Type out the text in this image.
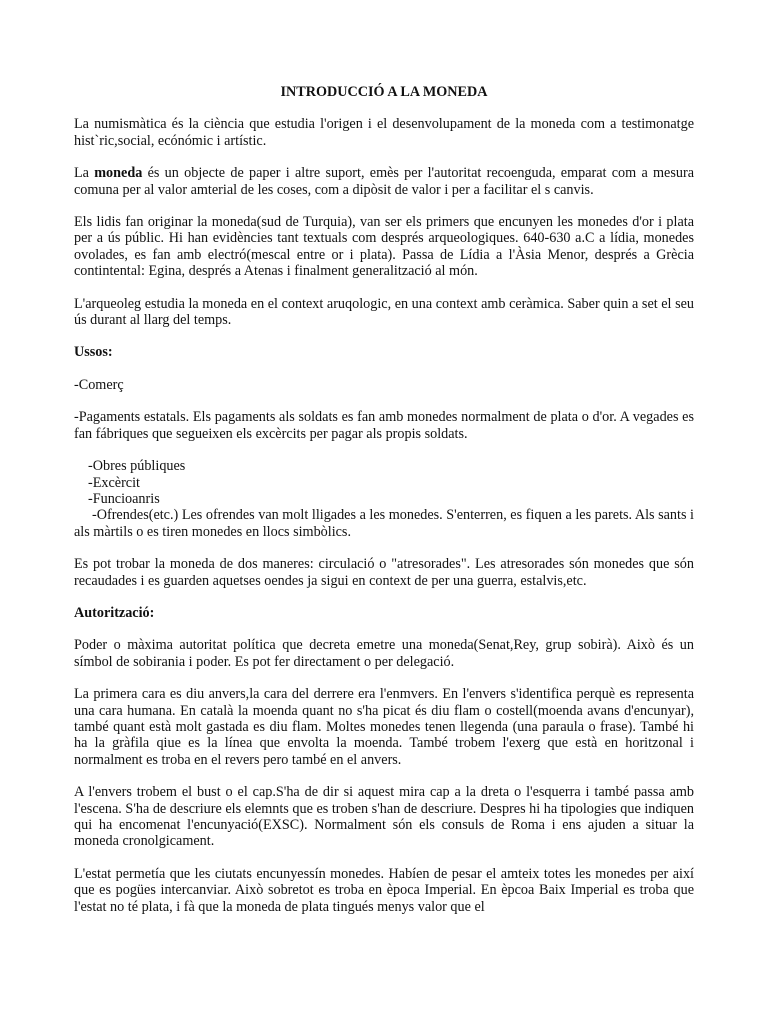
INTRODUCCIÓ A LA MONEDA
La numismàtica és la ciència que estudia l'origen i el desenvolupament de la moneda com a testimonatge hist`ric,social, ecónómic i artístic.
La moneda és un objecte de paper i altre suport, emès per l'autoritat recoenguda, emparat com a mesura comuna per al valor amterial de les coses, com a dipòsit de valor i per a facilitar el s canvis.
Els lidis fan originar la moneda(sud de Turquia), van ser els primers que encunyen les monedes d'or i plata per a ús públic. Hi han evidències tant textuals com després arqueologiques. 640-630 a.C a lídia, monedes ovolades, es fan amb electró(mescal entre or i plata). Passa de Lídia a l'Àsia Menor, després a Grècia contintental: Egina, després a Atenas i finalment generalització al món.
L'arqueoleg estudia la moneda en el context aruqologic, en una context amb ceràmica. Saber quin a set el seu ús durant al llarg del temps.
Ussos:
-Comerç
-Pagaments estatals. Els pagaments als soldats es fan amb monedes normalment de plata o d'or. A vegades es fan fábriques que segueixen els excèrcits per pagar als propis soldats.
-Obres públiques
-Excèrcit
-Funcioanris
-Ofrendes(etc.) Les ofrendes van molt lligades a les monedes. S'enterren, es fiquen a les parets. Als sants i als màrtils o es tiren monedes en llocs simbòlics.
Es pot trobar la moneda de dos maneres: circulació o "atresorades". Les atresorades són monedes que són recaudades i es guarden aquetses oendes ja sigui en context de per una guerra, estalvis,etc.
Autorització:
Poder o màxima autoritat política que decreta emetre una moneda(Senat,Rey, grup sobirà). Això és un símbol de sobirania i poder. Es pot fer directament o per delegació.
La primera cara es diu anvers,la cara del derrere era l'enmvers. En l'envers s'identifica perquè es representa una cara humana. En català la moenda quant no s'ha picat és diu flam o costell(moenda avans d'encunyar), també quant està molt gastada es diu flam. Moltes monedes tenen llegenda (una paraula o frase). També hi ha la gràfila qiue es la línea que envolta la moenda. També trobem l'exerg que està en horitzonal i normalment es troba en el revers pero també en el anvers.
A l'envers trobem el bust o el cap.S'ha de dir si aquest mira cap a la dreta o l'esquerra i també passa amb l'escena. S'ha de descriure els elemnts que es troben s'han de descriure. Despres hi ha tipologies que indiquen qui ha encomenat l'encunyació(EXSC). Normalment són els consuls de Roma i ens ajuden a situar la moneda cronolgicament.
L'estat permetía que les ciutats encunyessín monedes. Habíen de pesar el amteix totes les monedes per així que es pogües intercanviar. Això sobretot es troba en època Imperial. En èpcoa Baix Imperial es troba que l'estat no té plata, i fà que la moneda de plata tingués menys valor que el
